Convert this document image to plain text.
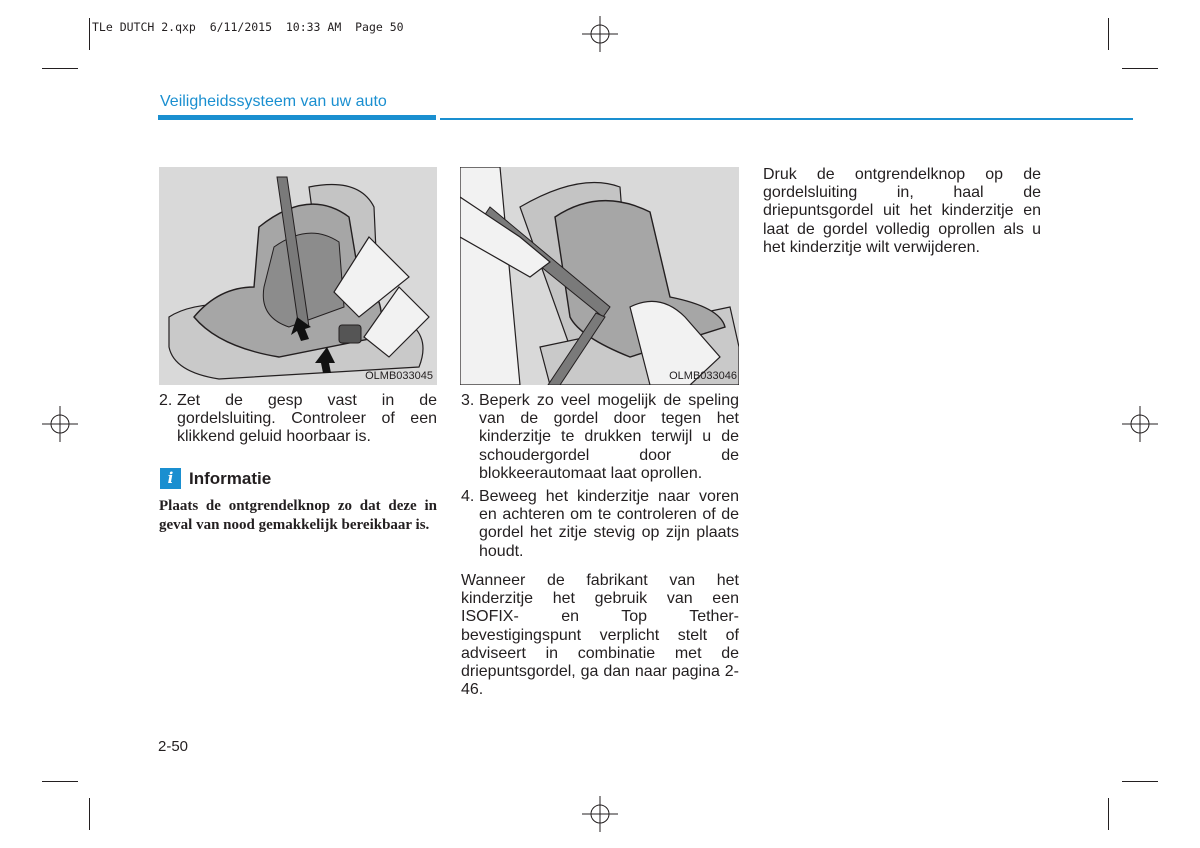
TLe DUTCH 2.qxp  6/11/2015  10:33 AM  Page 50
Veiligheidssysteem van uw auto
OLMB033045	OLMB033046
2. Zet de gesp vast in de gordelsluiting. Controleer of een klikkend geluid hoorbaar is.
i Informatie
Plaats de ontgrendelknop zo dat deze in geval van nood gemakkelijk bereikbaar is.
3. Beperk zo veel mogelijk de speling van de gordel door tegen het kinderzitje te drukken terwijl u de schoudergordel door de blokkeerautomaat laat oprollen.
4. Beweeg het kinderzitje naar voren en achteren om te controleren of de gordel het zitje stevig op zijn plaats houdt.
Wanneer de fabrikant van het kinderzitje het gebruik van een ISOFIX- en Top Tether-bevestigingspunt verplicht stelt of adviseert in combinatie met de driepuntsgordel, ga dan naar pagina 2-46.
Druk de ontgrendelknop op de gordelsluiting in, haal de driepuntsgordel uit het kinderzitje en laat de gordel volledig oprollen als u het kinderzitje wilt verwijderen.
2-50
